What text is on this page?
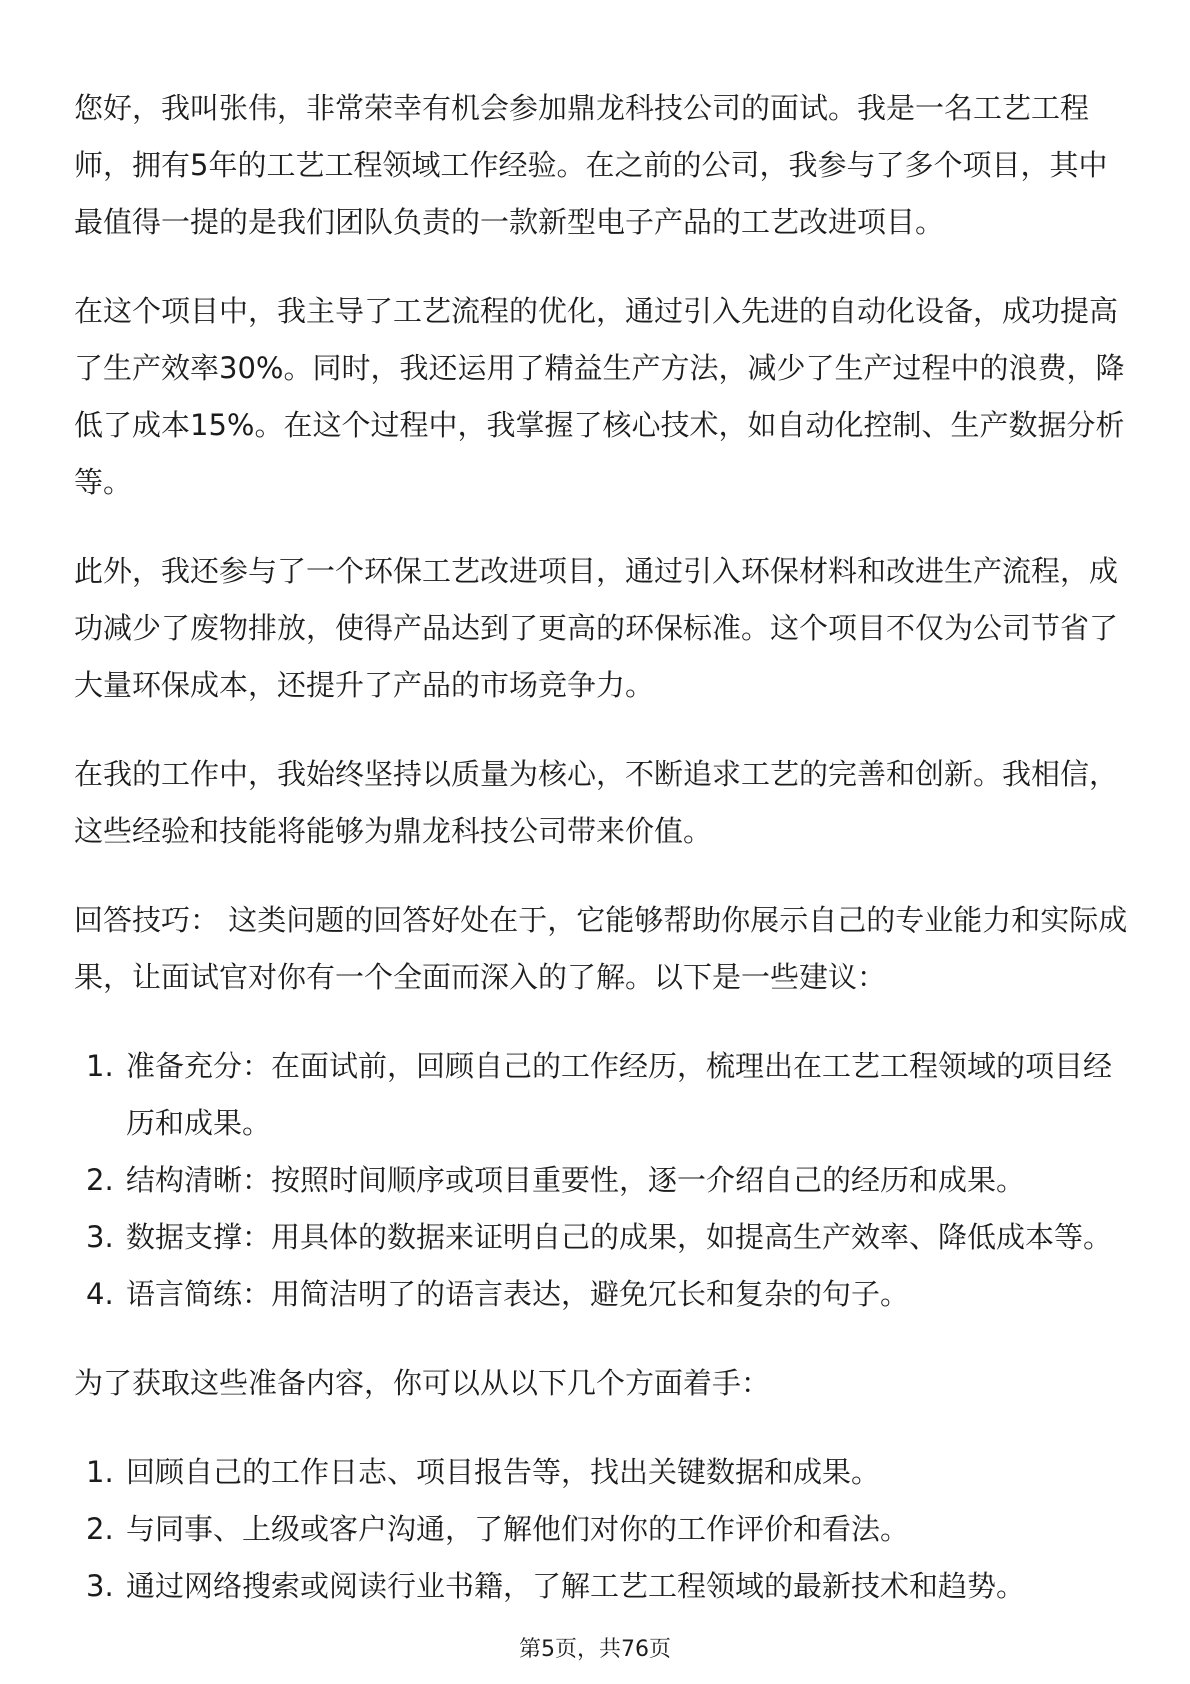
您好，我叫张伟，非常荣幸有机会参加鼎龙科技公司的面试。我是一名工艺工程
师，拥有5年的工艺工程领域工作经验。在之前的公司，我参与了多个项目，其中
最值得一提的是我们团队负责的一款新型电子产品的工艺改进项目。

在这个项目中，我主导了工艺流程的优化，通过引入先进的自动化设备，成功提高
了生产效率30%。同时，我还运用了精益生产方法，减少了生产过程中的浪费，降
低了成本15%。在这个过程中，我掌握了核心技术，如自动化控制、生产数据分析
等。

此外，我还参与了一个环保工艺改进项目，通过引入环保材料和改进生产流程，成
功减少了废物排放，使得产品达到了更高的环保标准。这个项目不仅为公司节省了
大量环保成本，还提升了产品的市场竞争力。

在我的工作中，我始终坚持以质量为核心，不断追求工艺的完善和创新。我相信，
这些经验和技能将能够为鼎龙科技公司带来价值。

回答技巧： 这类问题的回答好处在于，它能够帮助你展示自己的专业能力和实际成
果，让面试官对你有一个全面而深入的了解。以下是一些建议：

1. 准备充分：在面试前，回顾自己的工作经历，梳理出在工艺工程领域的项目经
历和成果。
2. 结构清晰：按照时间顺序或项目重要性，逐一介绍自己的经历和成果。
3. 数据支撑：用具体的数据来证明自己的成果，如提高生产效率、降低成本等。
4. 语言简练：用简洁明了的语言表达，避免冗长和复杂的句子。

为了获取这些准备内容，你可以从以下几个方面着手：

1. 回顾自己的工作日志、项目报告等，找出关键数据和成果。
2. 与同事、上级或客户沟通，了解他们对你的工作评价和看法。
3. 通过网络搜索或阅读行业书籍，了解工艺工程领域的最新技术和趋势。
第5页，共76页
